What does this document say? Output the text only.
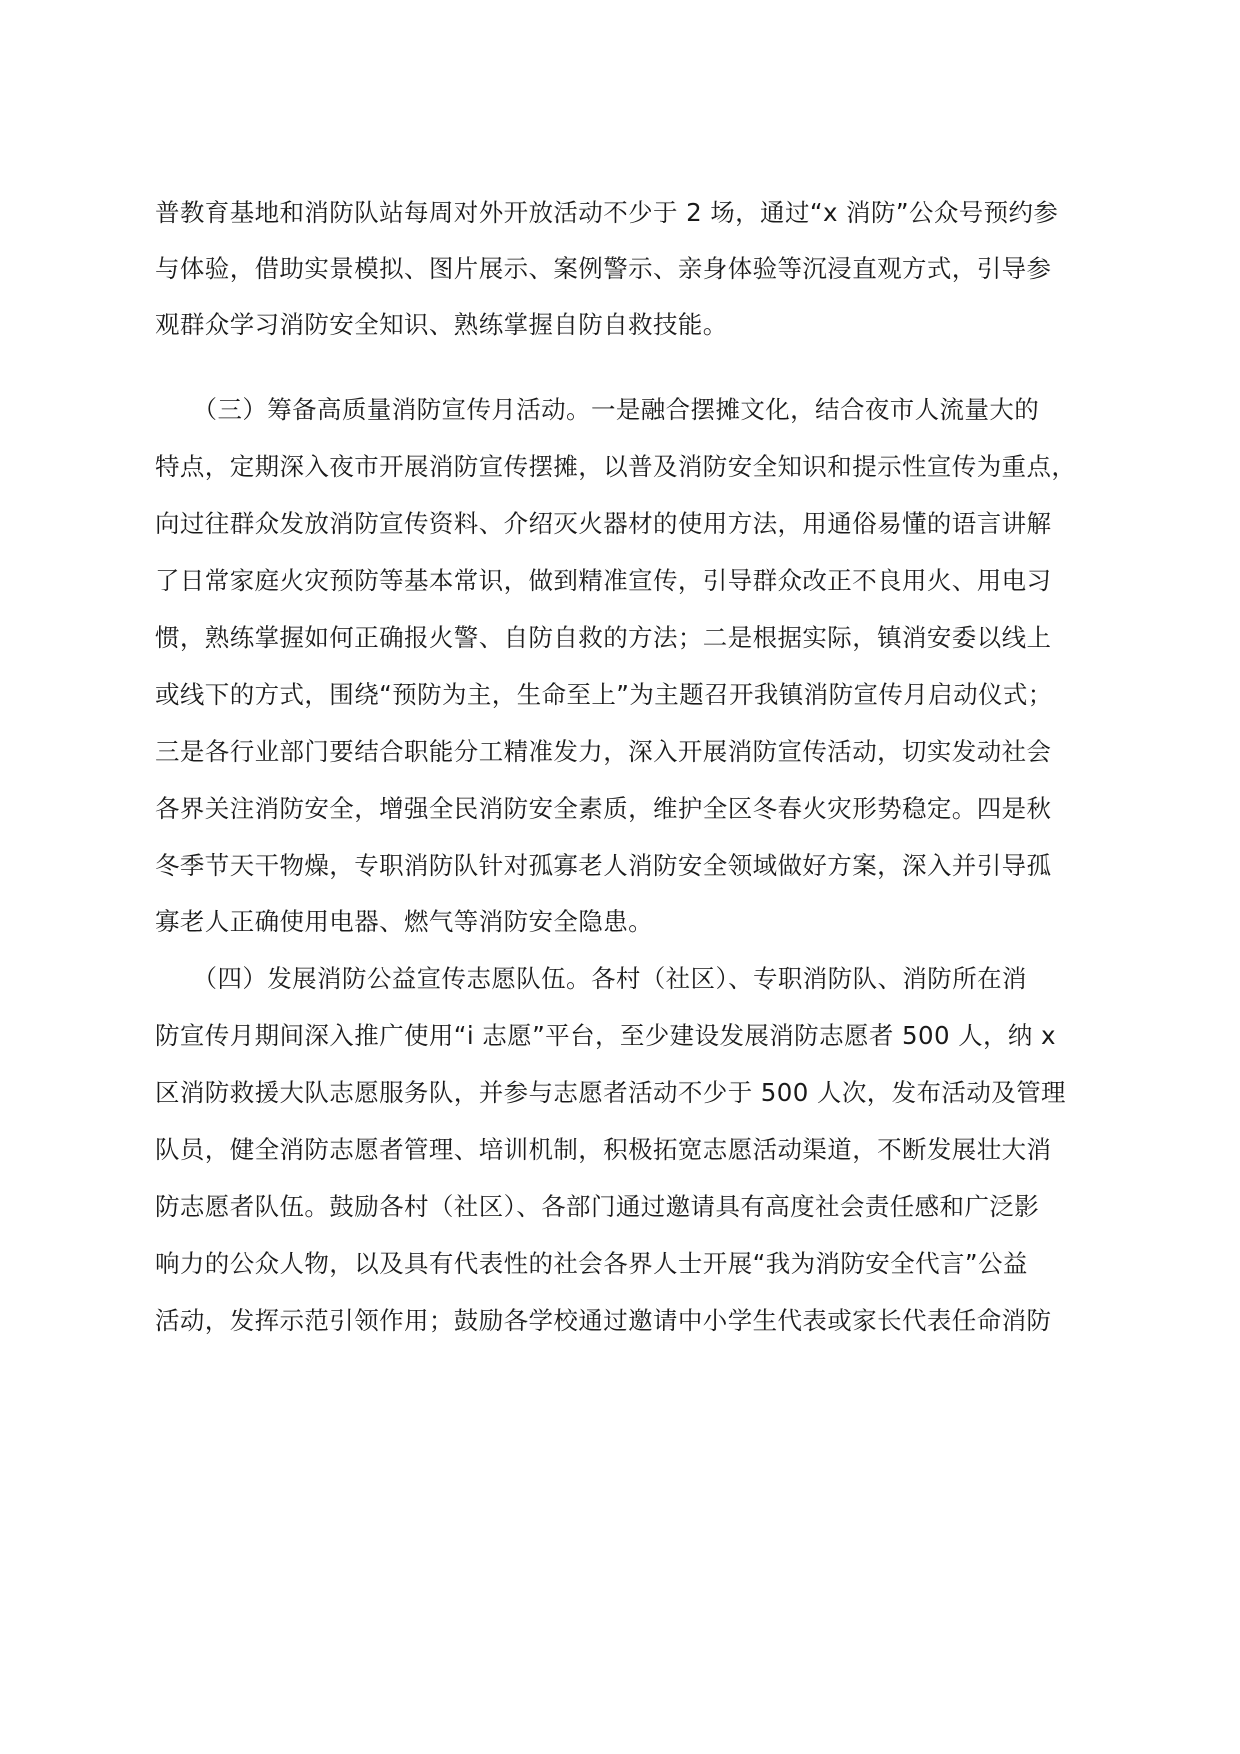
普教育基地和消防队站每周对外开放活动不少于 2 场，通过“x 消防”公众号预约参
与体验，借助实景模拟、图片展示、案例警示、亲身体验等沉浸直观方式，引导参
观群众学习消防安全知识、熟练掌握自防自救技能。
　　（三）筹备高质量消防宣传月活动。一是融合摆摊文化，结合夜市人流量大的
特点，定期深入夜市开展消防宣传摆摊，以普及消防安全知识和提示性宣传为重点，
向过往群众发放消防宣传资料、介绍灭火器材的使用方法，用通俗易懂的语言讲解
了日常家庭火灾预防等基本常识，做到精准宣传，引导群众改正不良用火、用电习
惯，熟练掌握如何正确报火警、自防自救的方法；二是根据实际，镇消安委以线上
或线下的方式，围绕“预防为主，生命至上”为主题召开我镇消防宣传月启动仪式；
三是各行业部门要结合职能分工精准发力，深入开展消防宣传活动，切实发动社会
各界关注消防安全，增强全民消防安全素质，维护全区冬春火灾形势稳定。四是秋
冬季节天干物燥，专职消防队针对孤寡老人消防安全领域做好方案，深入并引导孤
寡老人正确使用电器、燃气等消防安全隐患。
　　（四）发展消防公益宣传志愿队伍。各村（社区）、专职消防队、消防所在消
防宣传月期间深入推广使用“i 志愿”平台，至少建设发展消防志愿者 500 人，纳 x
区消防救援大队志愿服务队，并参与志愿者活动不少于 500 人次，发布活动及管理
队员，健全消防志愿者管理、培训机制，积极拓宽志愿活动渠道，不断发展壮大消
防志愿者队伍。鼓励各村（社区）、各部门通过邀请具有高度社会责任感和广泛影
响力的公众人物，以及具有代表性的社会各界人士开展“我为消防安全代言”公益
活动，发挥示范引领作用；鼓励各学校通过邀请中小学生代表或家长代表任命消防
